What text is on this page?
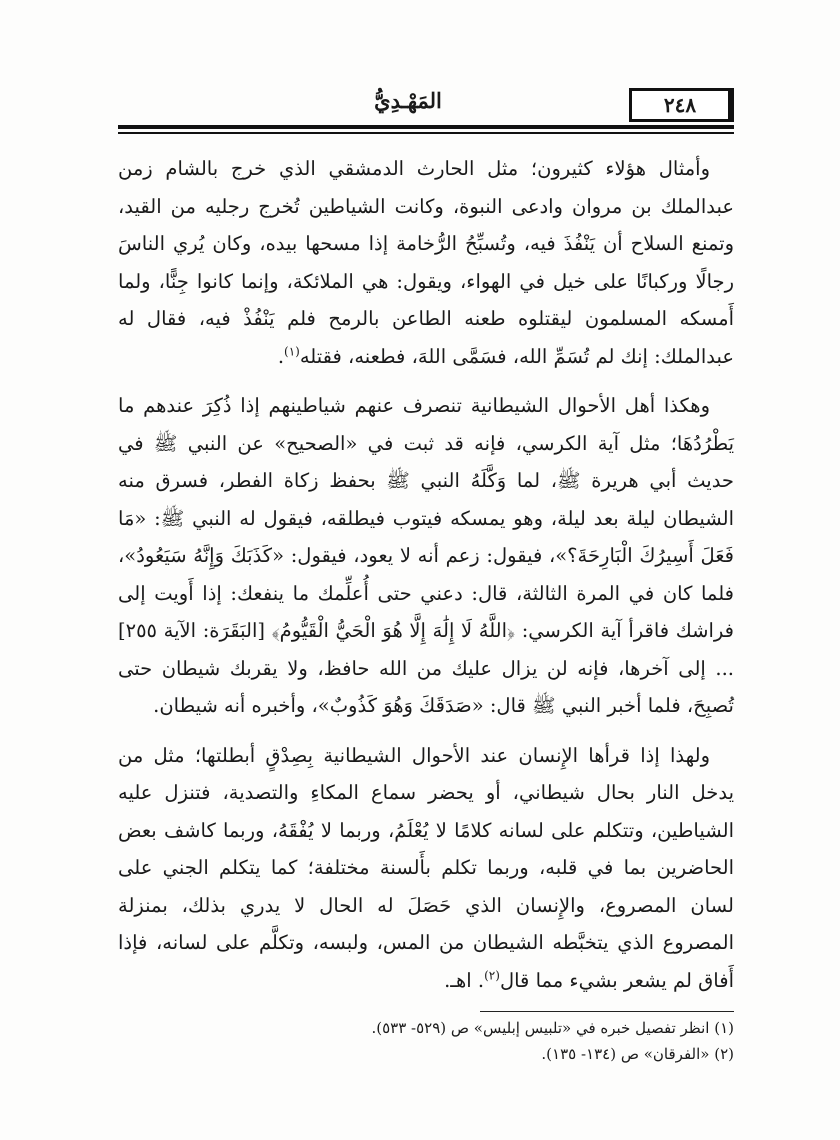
المَهْـدِيُّ	٢٤٨

وأمثال هؤلاء كثيرون؛ مثل الحارث الدمشقي الذي خرج بالشام زمن عبدالملك بن مروان وادعى النبوة، وكانت الشياطين تُخرج رجليه من القيد، وتمنع السلاح أن يَنْفُذَ فيه، وتُسبِّحُ الرُّخامة إذا مسحها بيده، وكان يُري الناسَ رجالًا وركبانًا على خيل في الهواء، ويقول: هي الملائكة، وإنما كانوا جِنًّا، ولما أَمسكه المسلمون ليقتلوه طعنه الطاعن بالرمح فلم يَنْفُذْ فيه، فقال له عبدالملك: إنك لم تُسَمِّ الله، فسَمَّى اللهَ، فطعنه، فقتله$^{(١)}$.

وهكذا أهل الأحوال الشيطانية تنصرف عنهم شياطينهم إذا ذُكِرَ عندهم ما يَطْرُدُهَا؛ مثل آية الكرسي، فإنه قد ثبت في «الصحيح» عن النبي ﷺ في حديث أبي هريرة ﷺ، لما وَكَّلَهُ النبي ﷺ بحفظ زكاة الفطر، فسرق منه الشيطان ليلة بعد ليلة، وهو يمسكه فيتوب فيطلقه، فيقول له النبي ﷺ: «مَا فَعَلَ أَسِيرُكَ الْبَارِحَةَ؟»، فيقول: زعم أنه لا يعود، فيقول: «كَذَبَكَ وَإِنَّهُ سَيَعُودُ»، فلما كان في المرة الثالثة، قال: دعني حتى أُعلِّمك ما ينفعك: إذا أَويت إلى فراشك فاقرأ آية الكرسي: ﴿اللَّهُ لَا إِلَٰهَ إِلَّا هُوَ الْحَيُّ الْقَيُّومُ﴾ [البَقَرَة: الآية ٢٥٥] ... إلى آخرها، فإنه لن يزال عليك من الله حافظ، ولا يقربك شيطان حتى تُصبِحَ، فلما أخبر النبي ﷺ قال: «صَدَقَكَ وَهُوَ كَذُوبٌ»، وأخبره أنه شيطان.

ولهذا إذا قرأها الإِنسان عند الأحوال الشيطانية بِصِدْقٍ أبطلتها؛ مثل من يدخل النار بحال شيطاني، أو يحضر سماع المكاءِ والتصدية، فتنزل عليه الشياطين، وتتكلم على لسانه كلامًا لا يُعْلَمُ، وربما لا يُفْقَهُ، وربما كاشف بعض الحاضرين بما في قلبه، وربما تكلم بأَلسنة مختلفة؛ كما يتكلم الجني على لسان المصروع، والإِنسان الذي حَصَلَ له الحال لا يدري بذلك، بمنزلة المصروع الذي يتخبَّطه الشيطان من المس، ولبسه، وتكلَّم على لسانه، فإذا أَفاق لم يشعر بشيء مما قال$^{(٢)}$. اهـ.

(١) انظر تفصيل خبره في «تلبيس إبليس» ص (٥٢٩- ٥٣٣).
(٢) «الفرقان» ص (١٣٤- ١٣٥).
